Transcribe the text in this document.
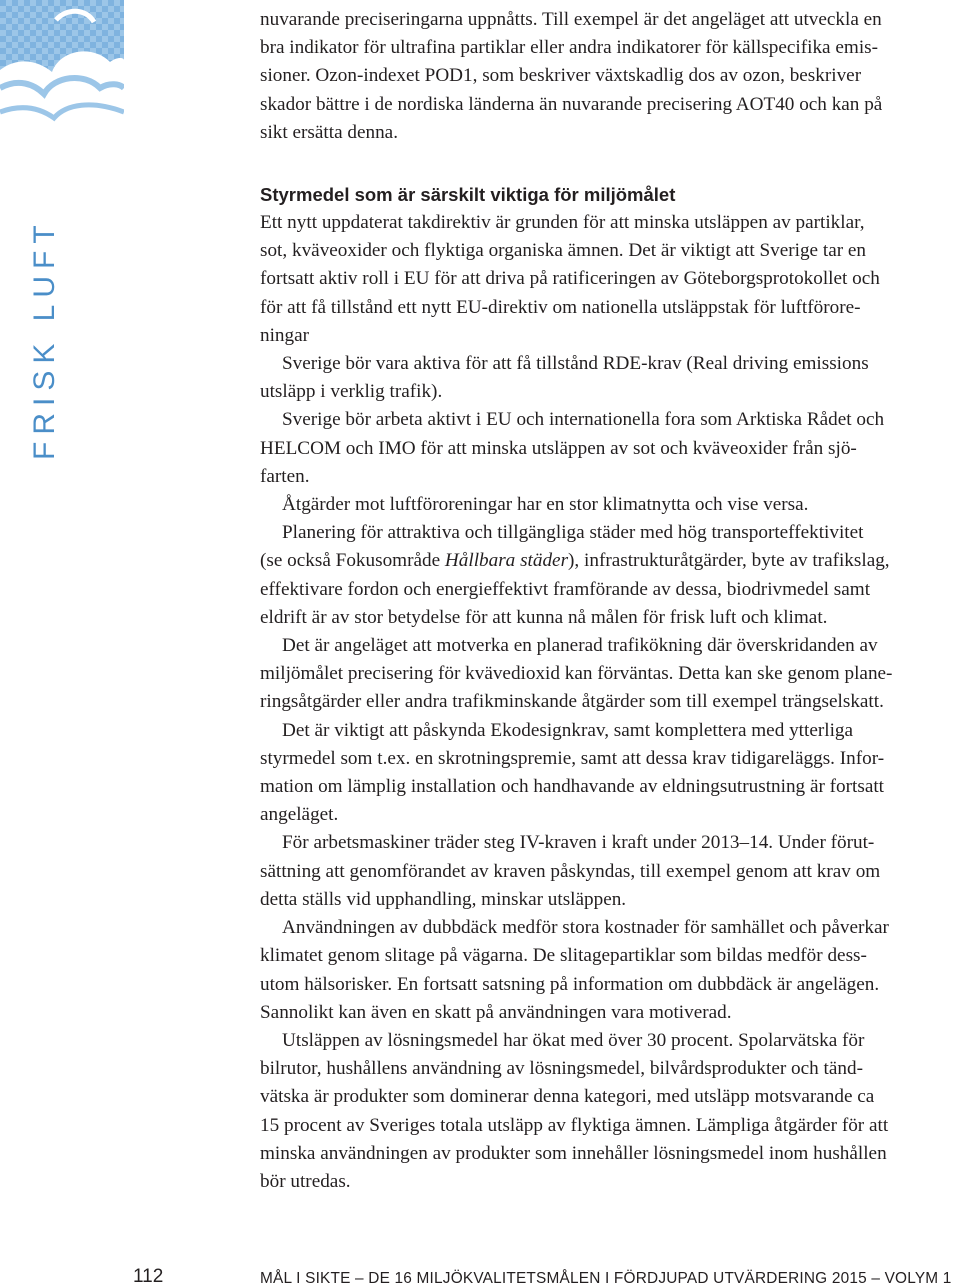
FRISK LUFT

nuvarande preciseringarna uppnåtts. Till exempel är det angeläget att utveckla en
bra indikator för ultrafina partiklar eller andra indikatorer för källspecifika emis-
sioner. Ozon-indexet POD1, som beskriver växtskadlig dos av ozon, beskriver
skador bättre i de nordiska länderna än nuvarande precisering AOT40 och kan på
sikt ersätta denna.

Styrmedel som är särskilt viktiga för miljömålet

Ett nytt uppdaterat takdirektiv är grunden för att minska utsläppen av partiklar,
sot, kväveoxider och flyktiga organiska ämnen. Det är viktigt att Sverige tar en
fortsatt aktiv roll i EU för att driva på ratificeringen av Göteborgsprotokollet och
för att få tillstånd ett nytt EU-direktiv om nationella utsläppstak för luftförore-
ningar

Sverige bör vara aktiva för att få tillstånd RDE-krav (Real driving emissions
utsläpp i verklig trafik).

Sverige bör arbeta aktivt i EU och internationella fora som Arktiska Rådet och
HELCOM och IMO för att minska utsläppen av sot och kväveoxider från sjö-
farten.

Åtgärder mot luftföroreningar har en stor klimatnytta och vise versa.

Planering för attraktiva och tillgängliga städer med hög transporteffektivitet
(se också Fokusområde Hållbara städer), infrastrukturåtgärder, byte av trafikslag,
effektivare fordon och energieffektivt framförande av dessa, biodrivmedel samt
eldrift är av stor betydelse för att kunna nå målen för frisk luft och klimat.

Det är angeläget att motverka en planerad trafikökning där överskridanden av
miljömålet precisering för kvävedioxid kan förväntas. Detta kan ske genom plane-
ringsåtgärder eller andra trafikminskande åtgärder som till exempel trängselskatt.

Det är viktigt att påskynda Ekodesignkrav, samt komplettera med ytterliga
styrmedel som t.ex. en skrotningspremie, samt att dessa krav tidigareläggs. Infor-
mation om lämplig installation och handhavande av eldningsutrustning är fortsatt
angeläget.

För arbetsmaskiner träder steg IV-kraven i kraft under 2013–14. Under förut-
sättning att genomförandet av kraven påskyndas, till exempel genom att krav om
detta ställs vid upphandling, minskar utsläppen.

Användningen av dubbdäck medför stora kostnader för samhället och påverkar
klimatet genom slitage på vägarna. De slitagepartiklar som bildas medför dess-
utom hälsorisker. En fortsatt satsning på information om dubbdäck är angelägen.
Sannolikt kan även en skatt på användningen vara motiverad.

Utsläppen av lösningsmedel har ökat med över 30 procent. Spolarvätska för
bilrutor, hushållens användning av lösningsmedel, bilvårdsprodukter och tänd-
vätska är produkter som dominerar denna kategori, med utsläpp motsvarande ca
15 procent av Sveriges totala utsläpp av flyktiga ämnen. Lämpliga åtgärder för att
minska användningen av produkter som innehåller lösningsmedel inom hushållen
bör utredas.

112	MÅL I SIKTE – DE 16 MILJÖKVALITETSMÅLEN I FÖRDJUPAD UTVÄRDERING 2015 – VOLYM 1
